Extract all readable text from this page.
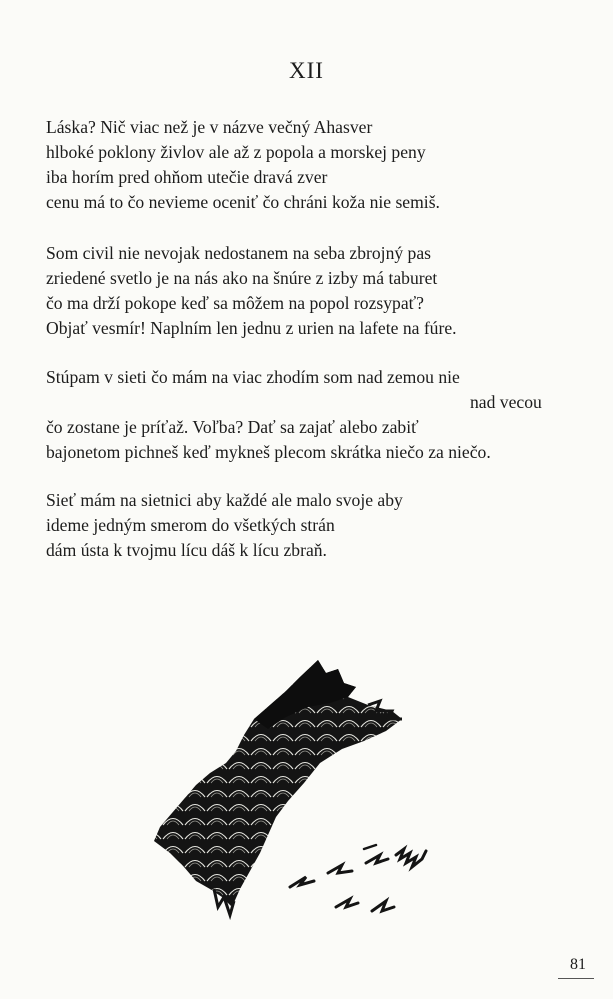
XII
Láska? Nič viac než je v názve večný Ahasver
hlboké poklony živlov ale až z popola a morskej peny
iba horím pred ohňom utečie dravá zver
cenu má to čo nevieme oceniť čo chráni koža nie semiš.
Som civil nie nevojak nedostanem na seba zbrojný pas
zriedené svetlo je na nás ako na šnúre z izby má taburet
čo ma drží pokope keď sa môžem na popol rozsypať?
Objať vesmír! Naplním len jednu z urien na lafete na fúre.
Stúpam v sieti čo mám na viac zhodím som nad zemou nie
nad vecou
čo zostane je príťaž. Voľba? Dať sa zajať alebo zabiť
bajonetom pichneš keď mykneš plecom skrátka niečo za niečo.
Sieť mám na sietnici aby každé ale malo svoje aby
ideme jedným smerom do všetkých strán
dám ústa k tvojmu lícu dáš k lícu zbraň.
81
